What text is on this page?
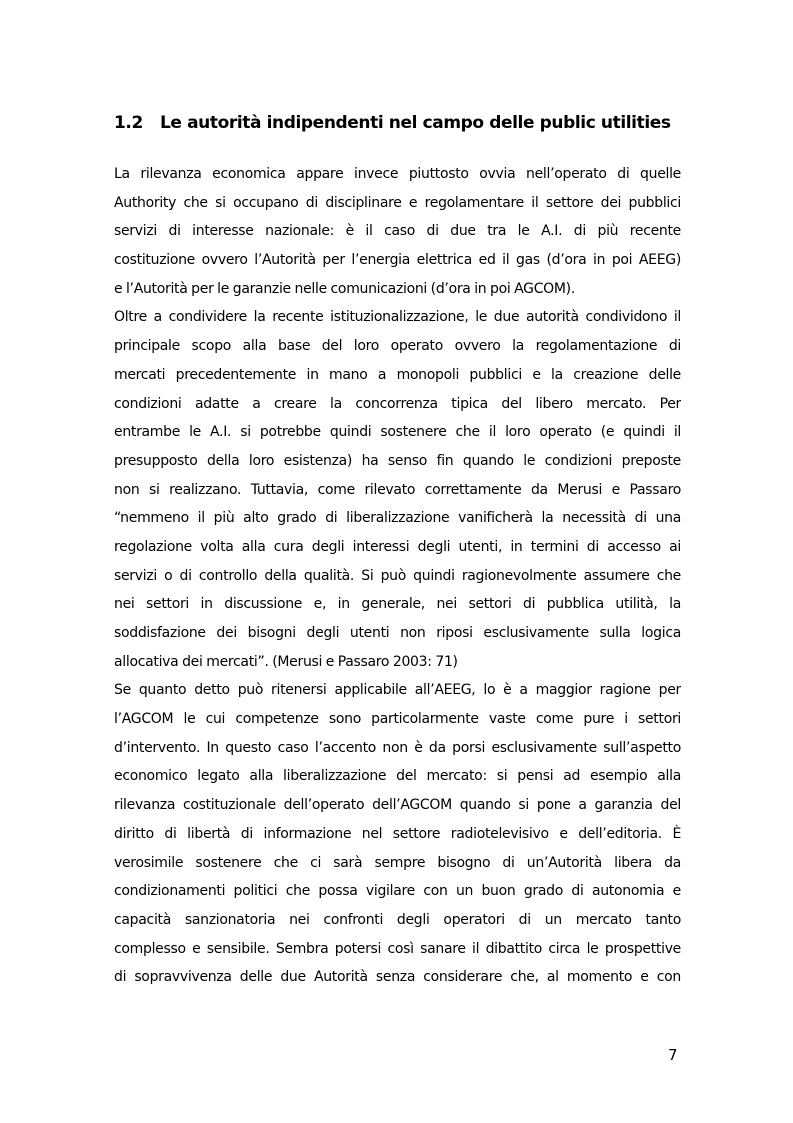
1.2 Le autorità indipendenti nel campo delle public utilities

La rilevanza economica appare invece piuttosto ovvia nell’operato di quelle
Authority che si occupano di disciplinare e regolamentare il settore dei pubblici
servizi di interesse nazionale: è il caso di due tra le A.I. di più recente
costituzione ovvero l’Autorità per l’energia elettrica ed il gas (d’ora in poi AEEG)
e l’Autorità per le garanzie nelle comunicazioni (d’ora in poi AGCOM).

Oltre a condividere la recente istituzionalizzazione, le due autorità condividono il
principale scopo alla base del loro operato ovvero la regolamentazione di
mercati precedentemente in mano a monopoli pubblici e la creazione delle
condizioni adatte a creare la concorrenza tipica del libero mercato. Per
entrambe le A.I. si potrebbe quindi sostenere che il loro operato (e quindi il
presupposto della loro esistenza) ha senso fin quando le condizioni preposte
non si realizzano. Tuttavia, come rilevato correttamente da Merusi e Passaro
“nemmeno il più alto grado di liberalizzazione vanificherà la necessità di una
regolazione volta alla cura degli interessi degli utenti, in termini di accesso ai
servizi o di controllo della qualità. Si può quindi ragionevolmente assumere che
nei settori in discussione e, in generale, nei settori di pubblica utilità, la
soddisfazione dei bisogni degli utenti non riposi esclusivamente sulla logica
allocativa dei mercati”. (Merusi e Passaro 2003: 71)

Se quanto detto può ritenersi applicabile all’AEEG, lo è a maggior ragione per
l’AGCOM le cui competenze sono particolarmente vaste come pure i settori
d’intervento. In questo caso l’accento non è da porsi esclusivamente sull’aspetto
economico legato alla liberalizzazione del mercato: si pensi ad esempio alla
rilevanza costituzionale dell’operato dell’AGCOM quando si pone a garanzia del
diritto di libertà di informazione nel settore radiotelevisivo e dell’editoria. È
verosimile sostenere che ci sarà sempre bisogno di un’Autorità libera da
condizionamenti politici che possa vigilare con un buon grado di autonomia e
capacità sanzionatoria nei confronti degli operatori di un mercato tanto
complesso e sensibile. Sembra potersi così sanare il dibattito circa le prospettive
di sopravvivenza delle due Autorità senza considerare che, al momento e con

7
